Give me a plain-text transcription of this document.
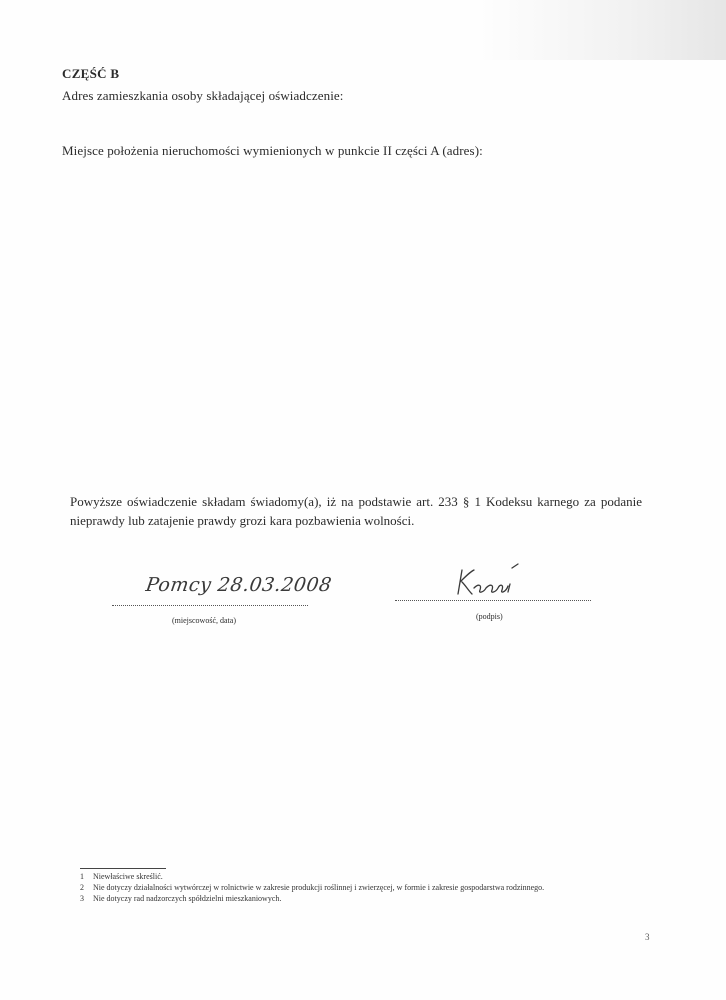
CZĘŚĆ B
Adres zamieszkania osoby składającej oświadczenie:
Miejsce położenia nieruchomości wymienionych w punkcie II części A (adres):
Powyższe oświadczenie składam świadomy(a), iż na podstawie art. 233 § 1 Kodeksu karnego za podanie nieprawdy lub zatajenie prawdy grozi kara pozbawienia wolności.
Pomcy 28.03.2008
(miejscowość, data)	(podpis)
1 Niewłaściwe skreślić.
2 Nie dotyczy działalności wytwórczej w rolnictwie w zakresie produkcji roślinnej i zwierzęcej, w formie i zakresie gospodarstwa rodzinnego.
3 Nie dotyczy rad nadzorczych spółdzielni mieszkaniowych.
3
